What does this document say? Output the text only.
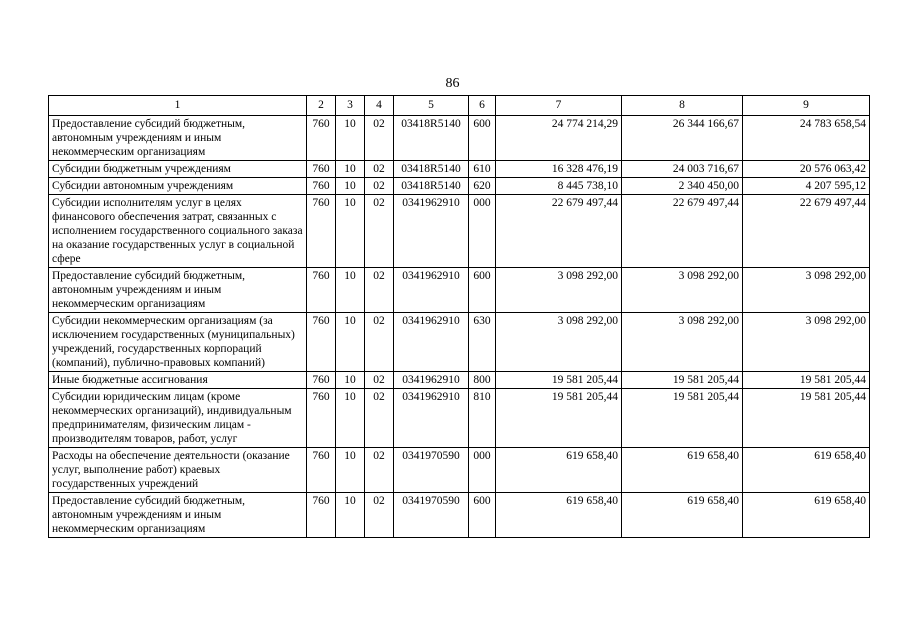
86
1	2	3	4	5	6	7	8	9
Предоставление субсидий бюджетным, автономным учреждениям и иным некоммерческим организациям	760	10	02	03418R5140	600	24 774 214,29	26 344 166,67	24 783 658,54
Субсидии бюджетным учреждениям	760	10	02	03418R5140	610	16 328 476,19	24 003 716,67	20 576 063,42
Субсидии автономным учреждениям	760	10	02	03418R5140	620	8 445 738,10	2 340 450,00	4 207 595,12
Субсидии исполнителям услуг в целях финансового обеспечения затрат, связанных с исполнением государственного социального заказа на оказание государственных услуг в социальной сфере	760	10	02	0341962910	000	22 679 497,44	22 679 497,44	22 679 497,44
Предоставление субсидий бюджетным, автономным учреждениям и иным некоммерческим организациям	760	10	02	0341962910	600	3 098 292,00	3 098 292,00	3 098 292,00
Субсидии некоммерческим организациям (за исключением государственных (муниципальных) учреждений, государственных корпораций (компаний), публично-правовых компаний)	760	10	02	0341962910	630	3 098 292,00	3 098 292,00	3 098 292,00
Иные бюджетные ассигнования	760	10	02	0341962910	800	19 581 205,44	19 581 205,44	19 581 205,44
Субсидии юридическим лицам (кроме некоммерческих организаций), индивидуальным предпринимателям, физическим лицам - производителям товаров, работ, услуг	760	10	02	0341962910	810	19 581 205,44	19 581 205,44	19 581 205,44
Расходы на обеспечение деятельности (оказание услуг, выполнение работ) краевых государственных учреждений	760	10	02	0341970590	000	619 658,40	619 658,40	619 658,40
Предоставление субсидий бюджетным, автономным учреждениям и иным некоммерческим организациям	760	10	02	0341970590	600	619 658,40	619 658,40	619 658,40
